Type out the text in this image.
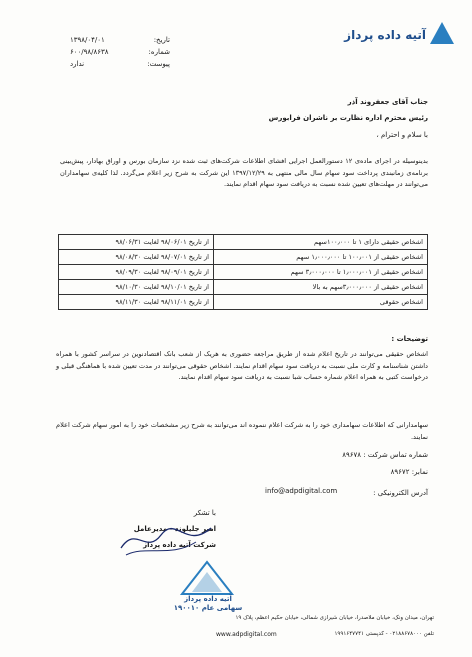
آتیه داده پرداز
تاریخ:
۱۳۹۸/۰۴/۰۱
شماره:
۶۰۰/۹۸/۸۶۳۸
پیوست:
ندارد
جناب آقای جعفروند آذر
رئیس محترم اداره نظارت بر ناشران فرابورس
با سلام و احترام ،
بدینوسیله در اجرای ماده‌ی ۱۲ دستورالعمل اجرایی افشای اطلاعات شرکت‌های ثبت شده نزد سازمان بورس و اوراق بهادار، پیش‌بینی برنامه‌ی زمانبندی پرداخت سود سهام سال مالی منتهی به ۱۳۹۷/۱۲/۲۹ این شرکت به شرح زیر اعلام می‌گردد. لذا کلیه‌ی سهامداران می‌توانند در مهلت‌های تعیین شده نسبت به دریافت سود سهام اقدام نمایند.
اشخاص حقیقی دارای ۱ تا ۱۰۰٫۰۰۰سهم	از تاریخ ۹۸/۰۶/۰۱ لغایت ۹۸/۰۶/۳۱
اشخاص حقیقی از ۱۰۰٫۰۰۱ تا ۱٫۰۰۰٫۰۰۰ سهم	از تاریخ ۹۸/۰۷/۰۱ لغایت ۹۸/۰۸/۳۰
اشخاص حقیقی از ۱٫۰۰۰٫۰۰۱ تا ۳٫۰۰۰٫۰۰۰ سهم	از تاریخ ۹۸/۰۹/۰۱ لغایت ۹۸/۰۹/۳۰
اشخاص حقیقی از ۳٫۰۰۰٫۰۰۰سهم به بالا	از تاریخ ۹۸/۱۰/۰۱ لغایت ۹۸/۱۰/۳۰
اشخاص حقوقی	از تاریخ ۹۸/۱۱/۰۱ لغایت ۹۸/۱۱/۳۰
توضیحات :
اشخاص حقیقی می‌توانند در تاریخ اعلام شده از طریق مراجعه حضوری به هریک از شعب بانک اقتصادنوین در سراسر کشور با همراه داشتن شناسنامه و کارت ملی نسبت به دریافت سود سهام اقدام نمایند. اشخاص حقوقی می‌توانند در مدت تعیین شده با هماهنگی قبلی و درخواست کتبی به همراه اعلام شماره حساب شبا نسبت به دریافت سود سهام اقدام نمایند.
سهامدارانی که اطلاعات سهامداری خود را به شرکت اعلام ننموده اند می‌توانند به شرح زیر مشخصات خود را به امور سهام شرکت اعلام نمایند.
شماره تماس شرکت : ۸۹۶۷۸
نمابر: ۸۹۶۷۲
آدرس الکترونیکی :
info@adpdigital.com
با تشکر
امیر جلیلوند - مدیرعامل
شرکت آتیه داده پرداز
آتیه داده پرداز
سهامی عام ۱۹۰۰۱۰
تهران، میدان ونک، خیابان ملاصدرا، خیابان شیرازی شمالی، خیابان حکیم اعظم، پلاک ۱۹
تلفن ۰۲۱۸۸۶۷۸۰۰۰ - کدپستی ۱۹۹۱۶۴۷۷۴۱
www.adpdigital.com
